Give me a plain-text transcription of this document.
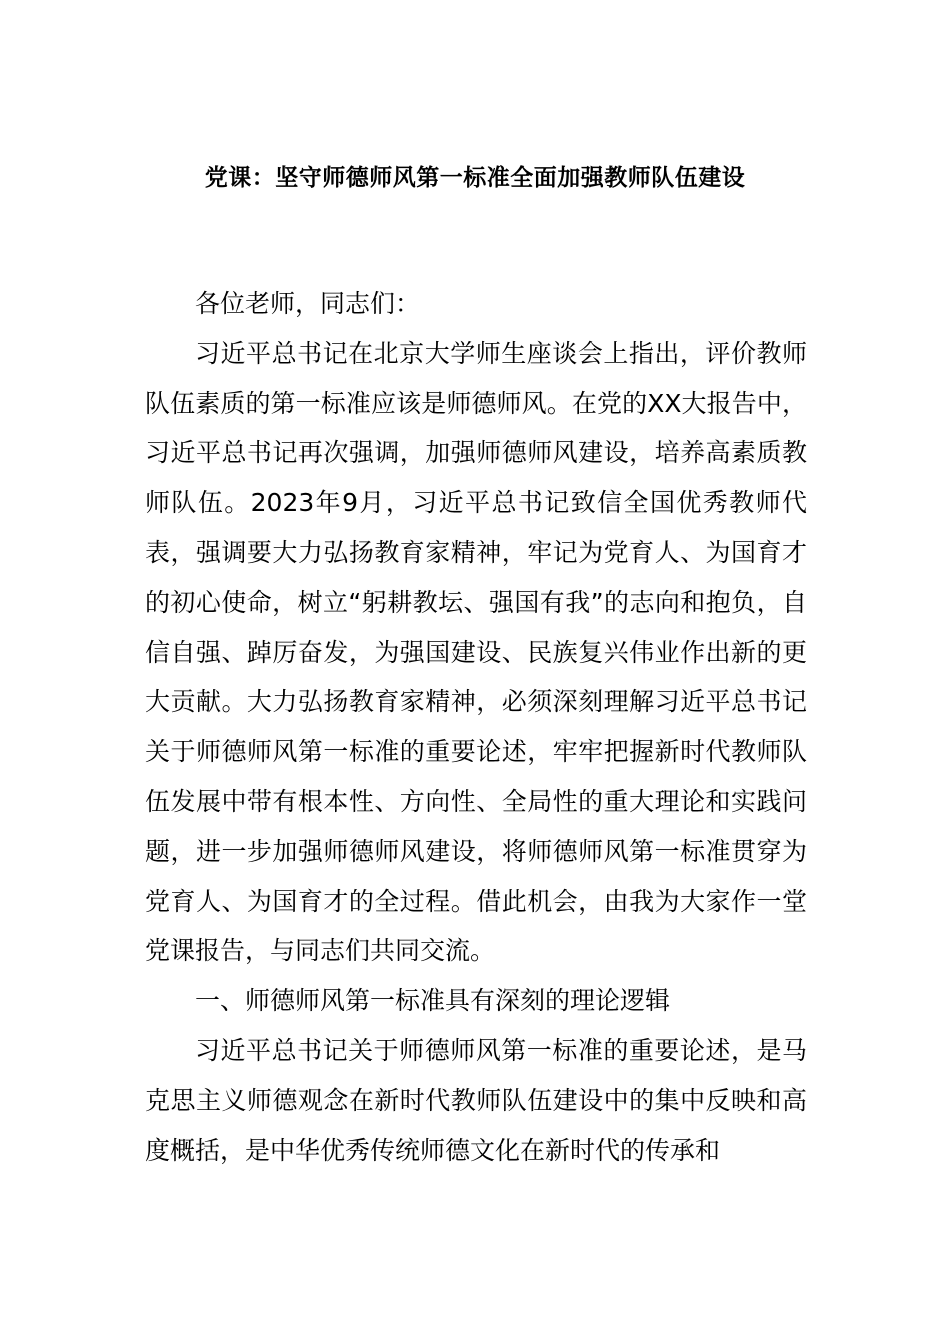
党课：坚守师德师风第一标准全面加强教师队伍建设

各位老师，同志们：

习近平总书记在北京大学师生座谈会上指出，评价教师队伍素质的第一标准应该是师德师风。在党的XX大报告中，习近平总书记再次强调，加强师德师风建设，培养高素质教师队伍。2023年9月，习近平总书记致信全国优秀教师代表，强调要大力弘扬教育家精神，牢记为党育人、为国育才的初心使命，树立“躬耕教坛、强国有我”的志向和抱负，自信自强、踔厉奋发，为强国建设、民族复兴伟业作出新的更大贡献。大力弘扬教育家精神，必须深刻理解习近平总书记关于师德师风第一标准的重要论述，牢牢把握新时代教师队伍发展中带有根本性、方向性、全局性的重大理论和实践问题，进一步加强师德师风建设，将师德师风第一标准贯穿为党育人、为国育才的全过程。借此机会，由我为大家作一堂党课报告，与同志们共同交流。

一、师德师风第一标准具有深刻的理论逻辑

习近平总书记关于师德师风第一标准的重要论述，是马克思主义师德观念在新时代教师队伍建设中的集中反映和高度概括，是中华优秀传统师德文化在新时代的传承和
